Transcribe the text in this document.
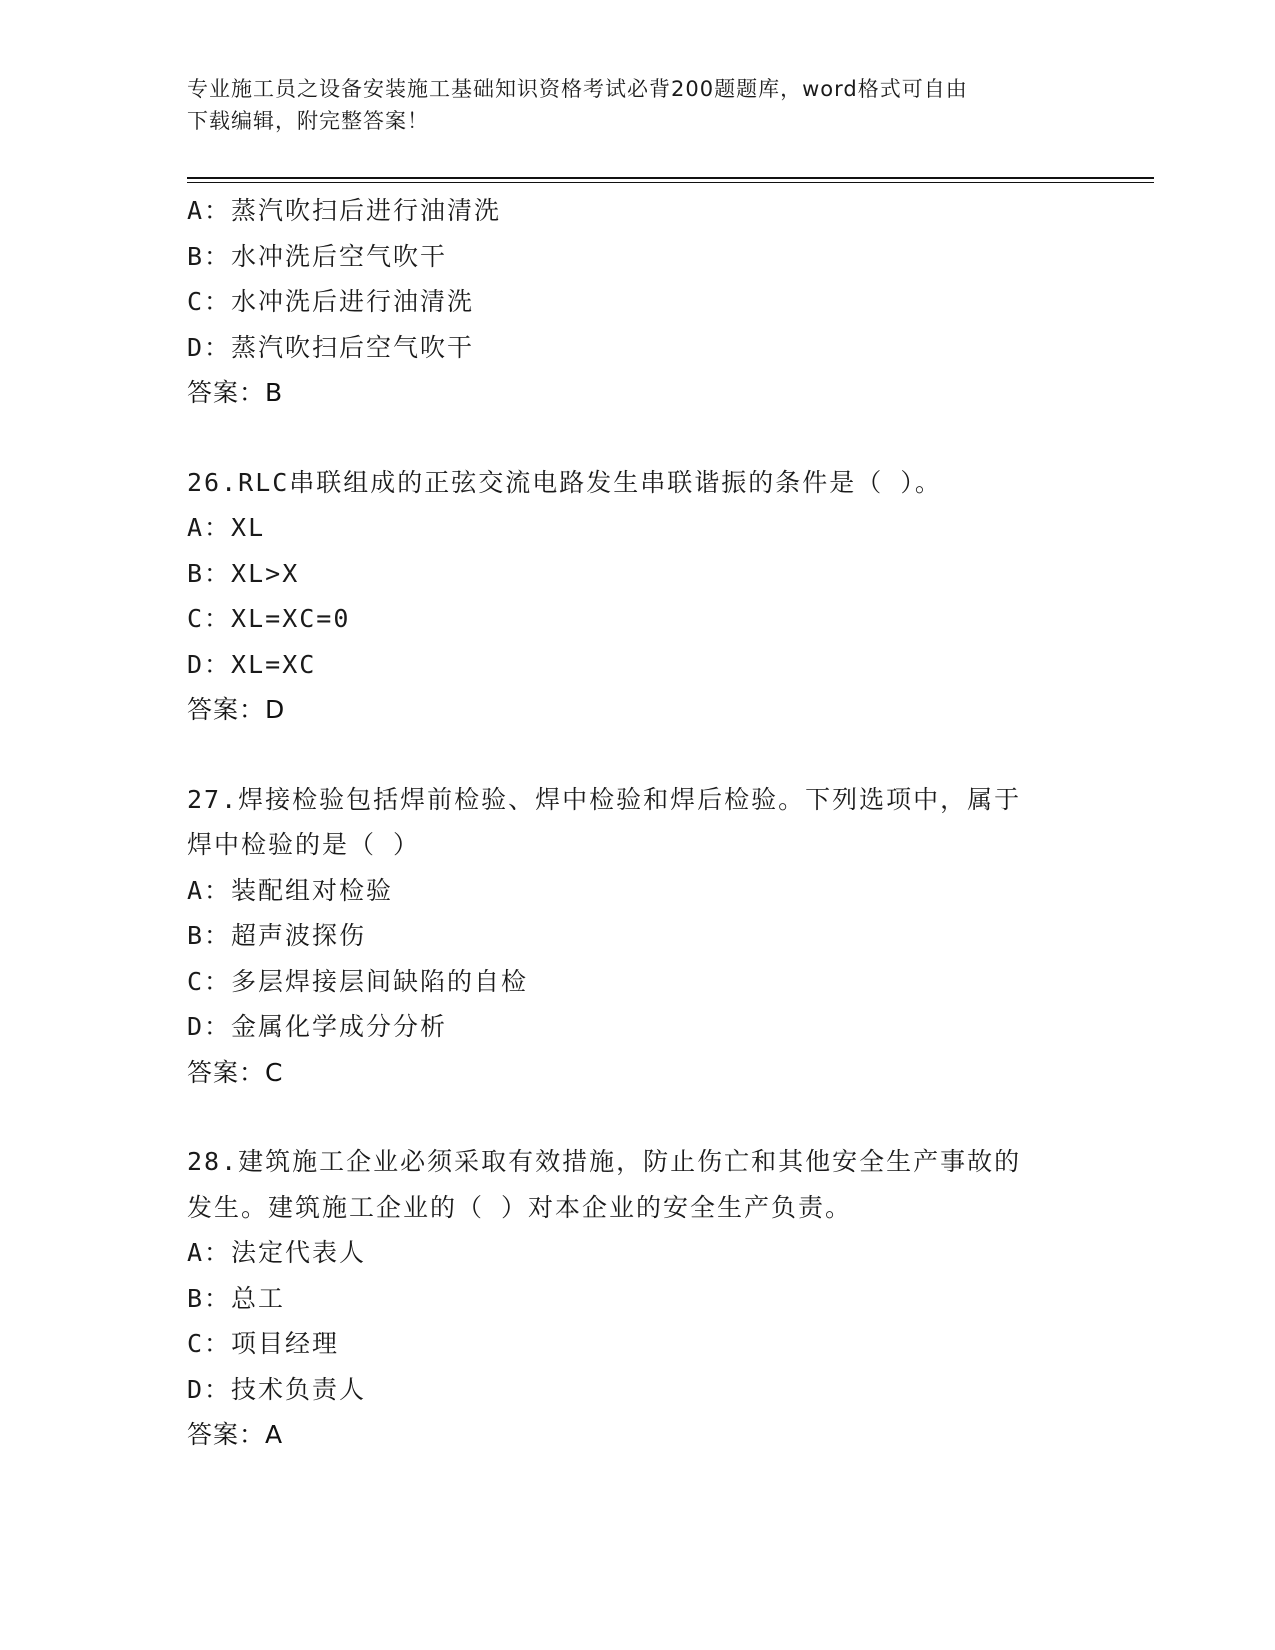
专业施工员之设备安装施工基础知识资格考试必背200题题库，word格式可自由
下载编辑，附完整答案！
A：蒸汽吹扫后进行油清洗
B：水冲洗后空气吹干
C：水冲洗后进行油清洗
D：蒸汽吹扫后空气吹干
答案：B
26.RLC串联组成的正弦交流电路发生串联谐振的条件是（ ）。
A：XL
B：XL>X
C：XL=XC=0
D：XL=XC
答案：D
27.焊接检验包括焊前检验、焊中检验和焊后检验。下列选项中，属于
焊中检验的是（ ）
A：装配组对检验
B：超声波探伤
C：多层焊接层间缺陷的自检
D：金属化学成分分析
答案：C
28.建筑施工企业必须采取有效措施，防止伤亡和其他安全生产事故的
发生。建筑施工企业的（ ）对本企业的安全生产负责。
A：法定代表人
B：总工
C：项目经理
D：技术负责人
答案：A
